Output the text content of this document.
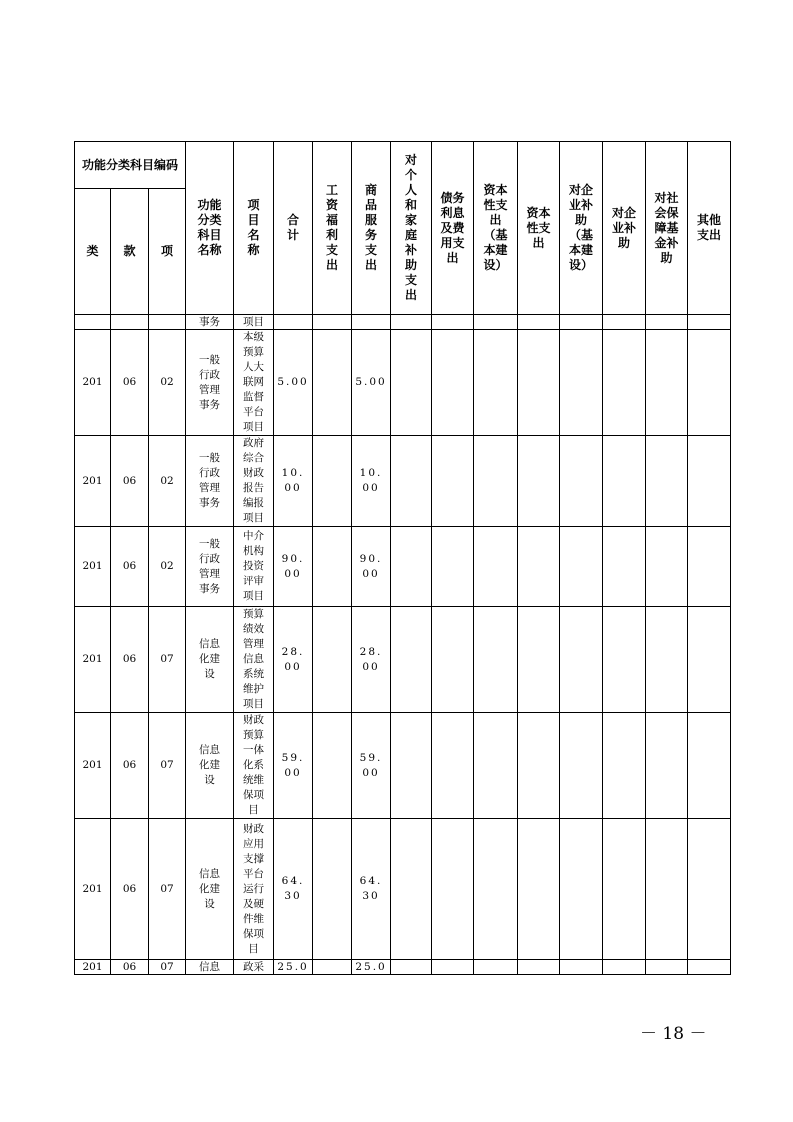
功能分类科目编码			功能分类科目名称	项目名称	合计	工资福利支出	商品服务支出	对个人和家庭补助支出	债务利息及费用支出	资本性支出（基本建设）	资本性支出	对企业补助（基本建设）	对企业补助	对社会保障基金补助	其他支出

类	款	项													
			事务	项目											
201	06	02	一般行政管理事务	本级预算人大联网监督平台项目	5.00		5.00								

201	06	02	一般行政管理事务	政府综合财政报告编报项目	10.00		10.00								

201	06	02	一般行政管理事务	中介机构投资评审项目	90.00		90.00								

201	06	07	信息化建设	预算绩效管理信息系统维护项目	28.00		28.00								

201	06	07	信息化建设	财政预算一体化系统维保项目	59.00		59.00								

201	06	07	信息化建设	财政应用支撑平台运行及硬件维保项目	64.30		64.30								

201	06	07	信息	政采	25.0		25.0								
－ 18 －
